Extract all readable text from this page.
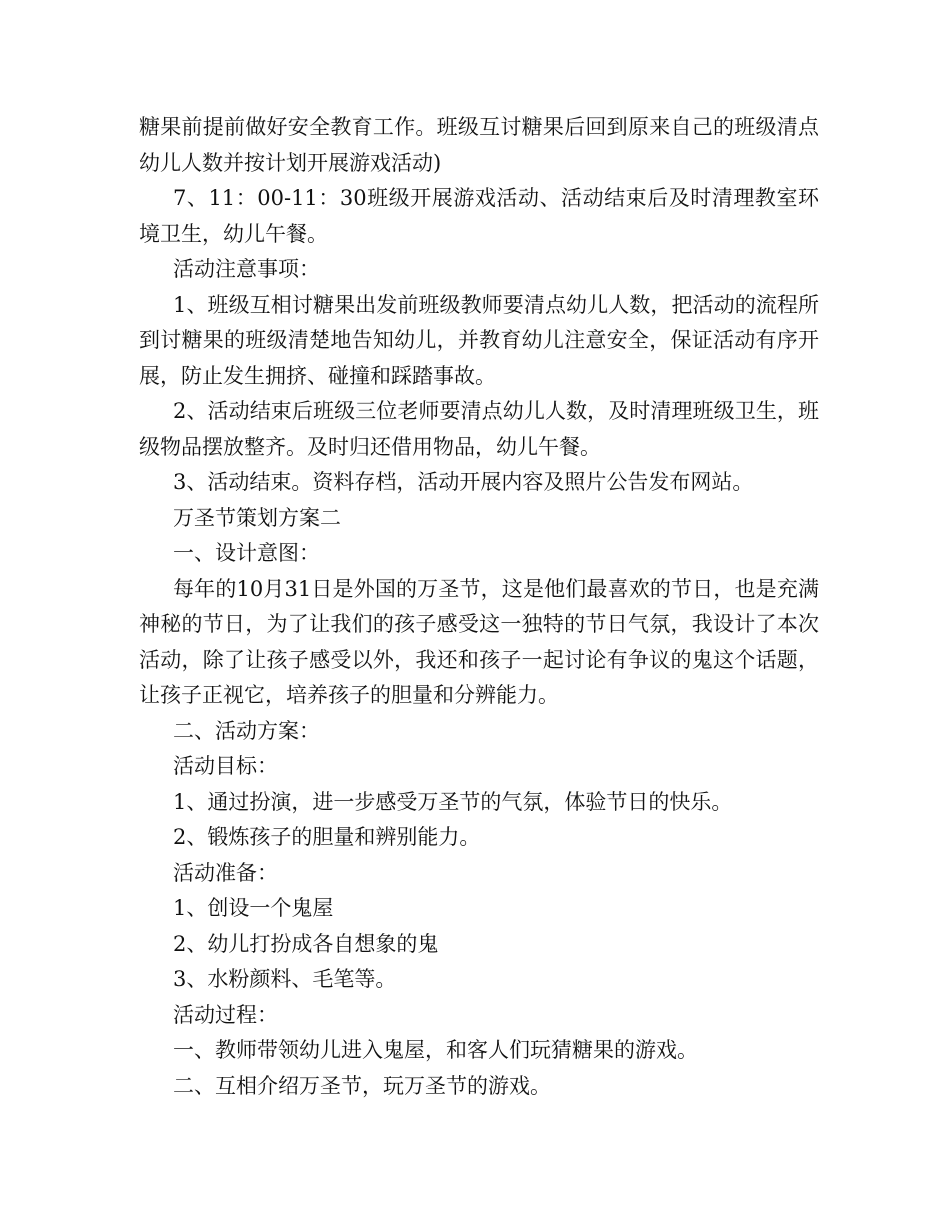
糖果前提前做好安全教育工作。班级互讨糖果后回到原来自己的班级清点幼儿人数并按计划开展游戏活动)

7、11：00-11：30班级开展游戏活动、活动结束后及时清理教室环境卫生，幼儿午餐。

活动注意事项：

1、班级互相讨糖果出发前班级教师要清点幼儿人数，把活动的流程所到讨糖果的班级清楚地告知幼儿，并教育幼儿注意安全，保证活动有序开展，防止发生拥挤、碰撞和踩踏事故。

2、活动结束后班级三位老师要清点幼儿人数，及时清理班级卫生，班级物品摆放整齐。及时归还借用物品，幼儿午餐。

3、活动结束。资料存档，活动开展内容及照片公告发布网站。

万圣节策划方案二

一、设计意图：

每年的10月31日是外国的万圣节，这是他们最喜欢的节日，也是充满神秘的节日，为了让我们的孩子感受这一独特的节日气氛，我设计了本次活动，除了让孩子感受以外，我还和孩子一起讨论有争议的鬼这个话题，让孩子正视它，培养孩子的胆量和分辨能力。

二、活动方案：

活动目标：

1、通过扮演，进一步感受万圣节的气氛，体验节日的快乐。

2、锻炼孩子的胆量和辨别能力。

活动准备：

1、创设一个鬼屋

2、幼儿打扮成各自想象的鬼

3、水粉颜料、毛笔等。

活动过程：

一、教师带领幼儿进入鬼屋，和客人们玩猜糖果的游戏。

二、互相介绍万圣节，玩万圣节的游戏。
